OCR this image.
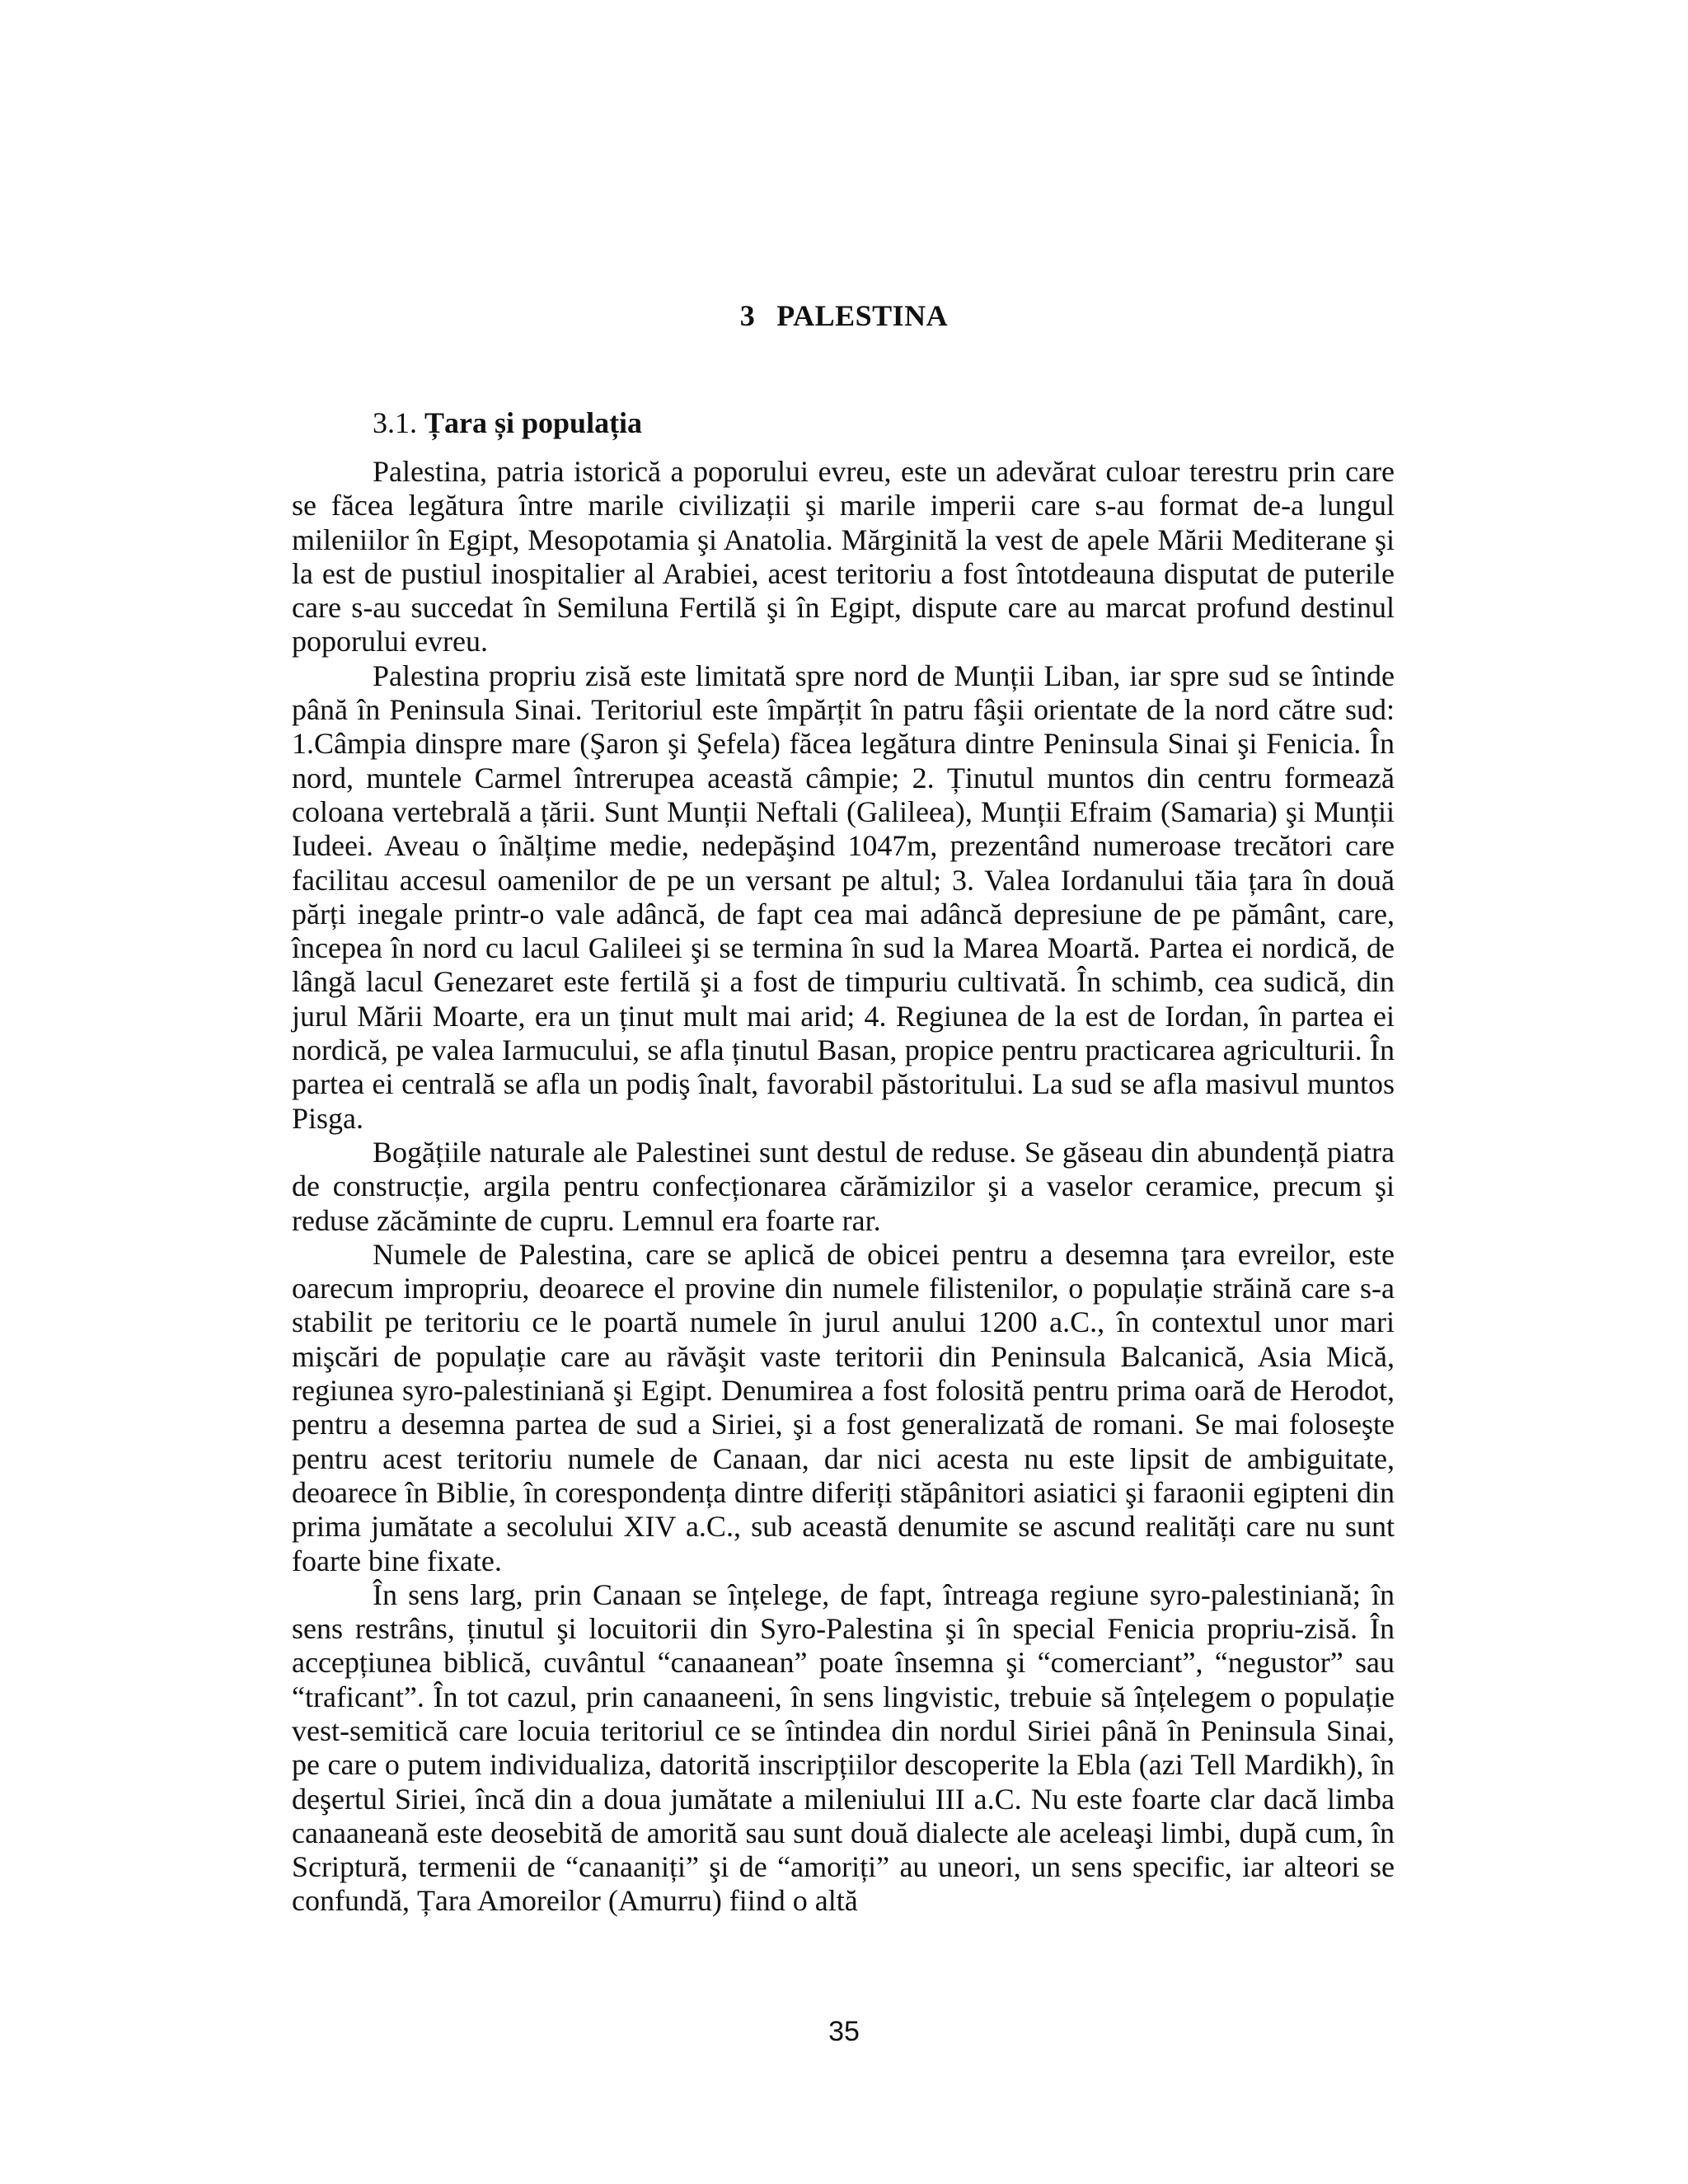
3 PALESTINA
3.1. Țara și populația

Palestina, patria istorică a poporului evreu, este un adevărat culoar terestru prin care se făcea legătura între marile civilizații şi marile imperii care s-au format de-a lungul mileniilor în Egipt, Mesopotamia şi Anatolia. Mărginită la vest de apele Mării Mediterane şi la est de pustiul inospitalier al Arabiei, acest teritoriu a fost întotdeauna disputat de puterile care s-au succedat în Semiluna Fertilă şi în Egipt, dispute care au marcat profund destinul poporului evreu.

Palestina propriu zisă este limitată spre nord de Munții Liban, iar spre sud se întinde până în Peninsula Sinai. Teritoriul este împărțit în patru fâşii orientate de la nord către sud: 1.Câmpia dinspre mare (Şaron şi Şefela) făcea legătura dintre Peninsula Sinai şi Fenicia. În nord, muntele Carmel întrerupea această câmpie; 2. Ținutul muntos din centru formează coloana vertebrală a țării. Sunt Munții Neftali (Galileea), Munții Efraim (Samaria) şi Munții Iudeei. Aveau o înălțime medie, nedepăşind 1047m, prezentând numeroase trecători care facilitau accesul oamenilor de pe un versant pe altul; 3. Valea Iordanului tăia țara în două părți inegale printr-o vale adâncă, de fapt cea mai adâncă depresiune de pe pământ, care, începea în nord cu lacul Galileei şi se termina în sud la Marea Moartă. Partea ei nordică, de lângă lacul Genezaret este fertilă şi a fost de timpuriu cultivată. În schimb, cea sudică, din jurul Mării Moarte, era un ținut mult mai arid; 4. Regiunea de la est de Iordan, în partea ei nordică, pe valea Iarmucului, se afla ținutul Basan, propice pentru practicarea agriculturii. În partea ei centrală se afla un podiş înalt, favorabil păstoritului. La sud se afla masivul muntos Pisga.

Bogățiile naturale ale Palestinei sunt destul de reduse. Se găseau din abundență piatra de construcție, argila pentru confecționarea cărămizilor şi a vaselor ceramice, precum şi reduse zăcăminte de cupru. Lemnul era foarte rar.

Numele de Palestina, care se aplică de obicei pentru a desemna țara evreilor, este oarecum impropriu, deoarece el provine din numele filistenilor, o populație străină care s-a stabilit pe teritoriu ce le poartă numele în jurul anului 1200 a.C., în contextul unor mari mişcări de populație care au răvăşit vaste teritorii din Peninsula Balcanică, Asia Mică, regiunea syro-palestiniană şi Egipt. Denumirea a fost folosită pentru prima oară de Herodot, pentru a desemna partea de sud a Siriei, şi a fost generalizată de romani. Se mai foloseşte pentru acest teritoriu numele de Canaan, dar nici acesta nu este lipsit de ambiguitate, deoarece în Biblie, în corespondența dintre diferiți stăpânitori asiatici şi faraonii egipteni din prima jumătate a secolului XIV a.C., sub această denumite se ascund realități care nu sunt foarte bine fixate.

În sens larg, prin Canaan se înțelege, de fapt, întreaga regiune syro-palestiniană; în sens restrâns, ținutul şi locuitorii din Syro-Palestina şi în special Fenicia propriu-zisă. În accepțiunea biblică, cuvântul “canaanean” poate însemna şi “comerciant”, “negustor” sau “traficant”. În tot cazul, prin canaaneeni, în sens lingvistic, trebuie să înțelegem o populație vest-semitică care locuia teritoriul ce se întindea din nordul Siriei până în Peninsula Sinai, pe care o putem individualiza, datorită inscripțiilor descoperite la Ebla (azi Tell Mardikh), în deşertul Siriei, încă din a doua jumătate a mileniului III a.C. Nu este foarte clar dacă limba canaaneană este deosebită de amorită sau sunt două dialecte ale aceleaşi limbi, după cum, în Scriptură, termenii de “canaaniți” şi de “amoriți” au uneori, un sens specific, iar alteori se confundă, Țara Amoreilor (Amurru) fiind o altă

35
